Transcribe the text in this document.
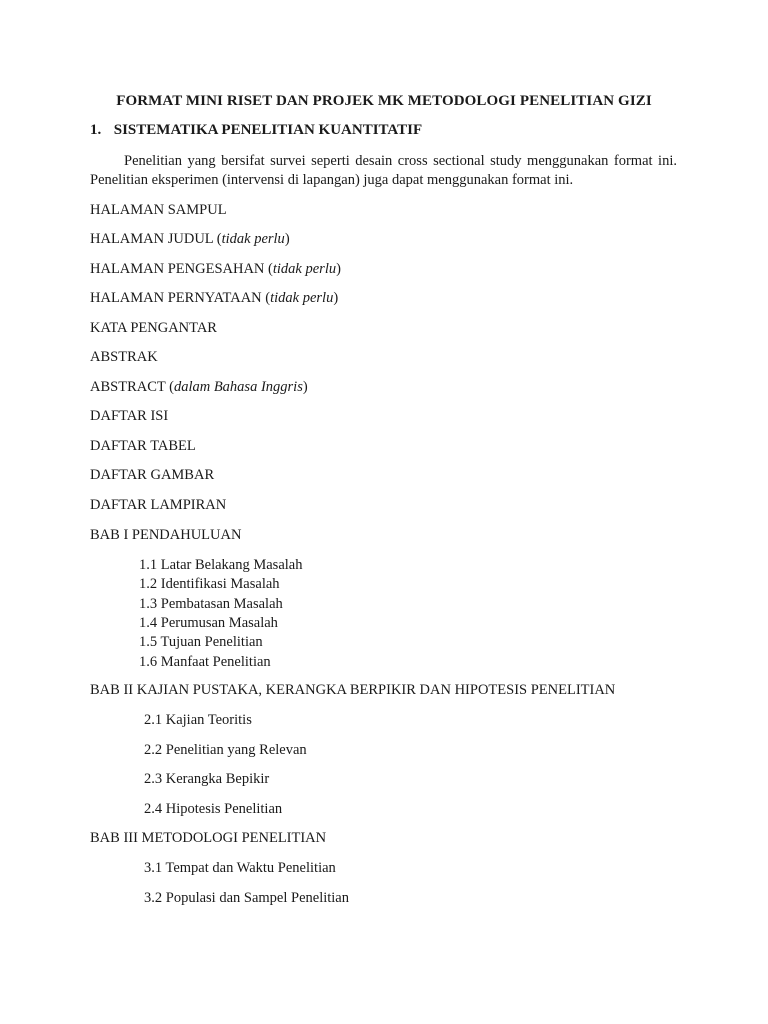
FORMAT MINI RISET DAN PROJEK MK METODOLOGI PENELITIAN GIZI
1. SISTEMATIKA PENELITIAN KUANTITATIF
Penelitian yang bersifat survei seperti desain cross sectional study menggunakan format ini. Penelitian eksperimen (intervensi di lapangan) juga dapat menggunakan format ini.
HALAMAN SAMPUL
HALAMAN JUDUL (tidak perlu)
HALAMAN PENGESAHAN (tidak perlu)
HALAMAN PERNYATAAN (tidak perlu)
KATA PENGANTAR
ABSTRAK
ABSTRACT (dalam Bahasa Inggris)
DAFTAR ISI
DAFTAR TABEL
DAFTAR GAMBAR
DAFTAR LAMPIRAN
BAB I PENDAHULUAN
1.1 Latar Belakang Masalah
1.2 Identifikasi Masalah
1.3 Pembatasan Masalah
1.4 Perumusan Masalah
1.5 Tujuan Penelitian
1.6 Manfaat Penelitian
BAB II KAJIAN PUSTAKA, KERANGKA BERPIKIR DAN HIPOTESIS PENELITIAN
2.1 Kajian Teoritis
2.2 Penelitian yang Relevan
2.3 Kerangka Bepikir
2.4 Hipotesis Penelitian
BAB III METODOLOGI PENELITIAN
3.1 Tempat dan Waktu Penelitian
3.2 Populasi dan Sampel Penelitian
